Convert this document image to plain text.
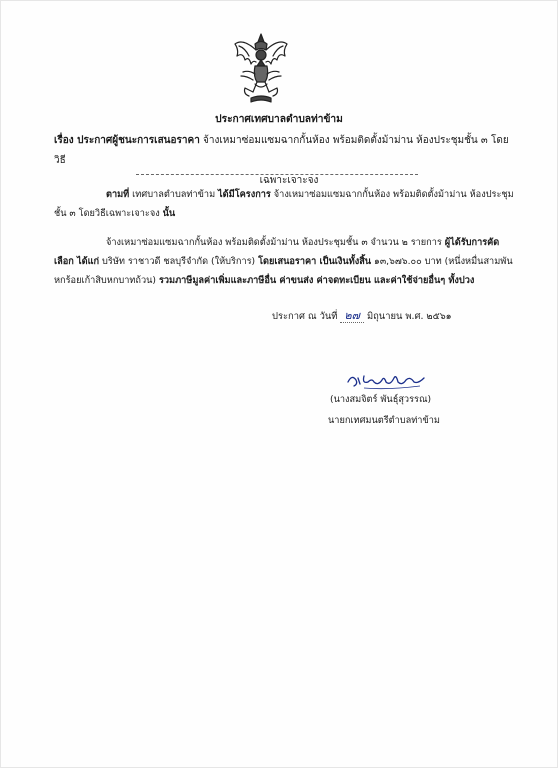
ประกาศเทศบาลตำบลท่าข้าม
เรื่อง ประกาศผู้ชนะการเสนอราคา จ้างเหมาซ่อมแซมฉากกั้นห้อง พร้อมติดตั้งม้าม่าน ห้องประชุมชั้น ๓ โดยวิธี
เฉพาะเจาะจง
ตามที่ เทศบาลตำบลท่าข้าม ได้มีโครงการ จ้างเหมาซ่อมแซมฉากกั้นห้อง พร้อมติดตั้งม้าม่าน ห้องประชุมชั้น ๓ โดยวิธีเฉพาะเจาะจง นั้น
จ้างเหมาซ่อมแซมฉากกั้นห้อง พร้อมติดตั้งม้าม่าน ห้องประชุมชั้น ๓ จำนวน ๒ รายการ ผู้ได้รับการคัดเลือก ได้แก่ บริษัท ราชาวดี ชลบุรีจำกัด (ให้บริการ) โดยเสนอราคา เป็นเงินทั้งสิ้น ๑๓,๖๗๖.๐๐ บาท (หนึ่งหมื่นสามพันหกร้อยเก้าสิบหกบาทถ้วน) รวมภาษีมูลค่าเพิ่มและภาษีอื่น ค่าขนส่ง ค่าจดทะเบียน และค่าใช้จ่ายอื่นๆ ทั้งปวง
ประกาศ ณ วันที่ ๒๗ มิถุนายน พ.ศ. ๒๕๖๑
(นางสมจิตร์ พันธุ์สุวรรณ)
นายกเทศมนตรีตำบลท่าข้าม
